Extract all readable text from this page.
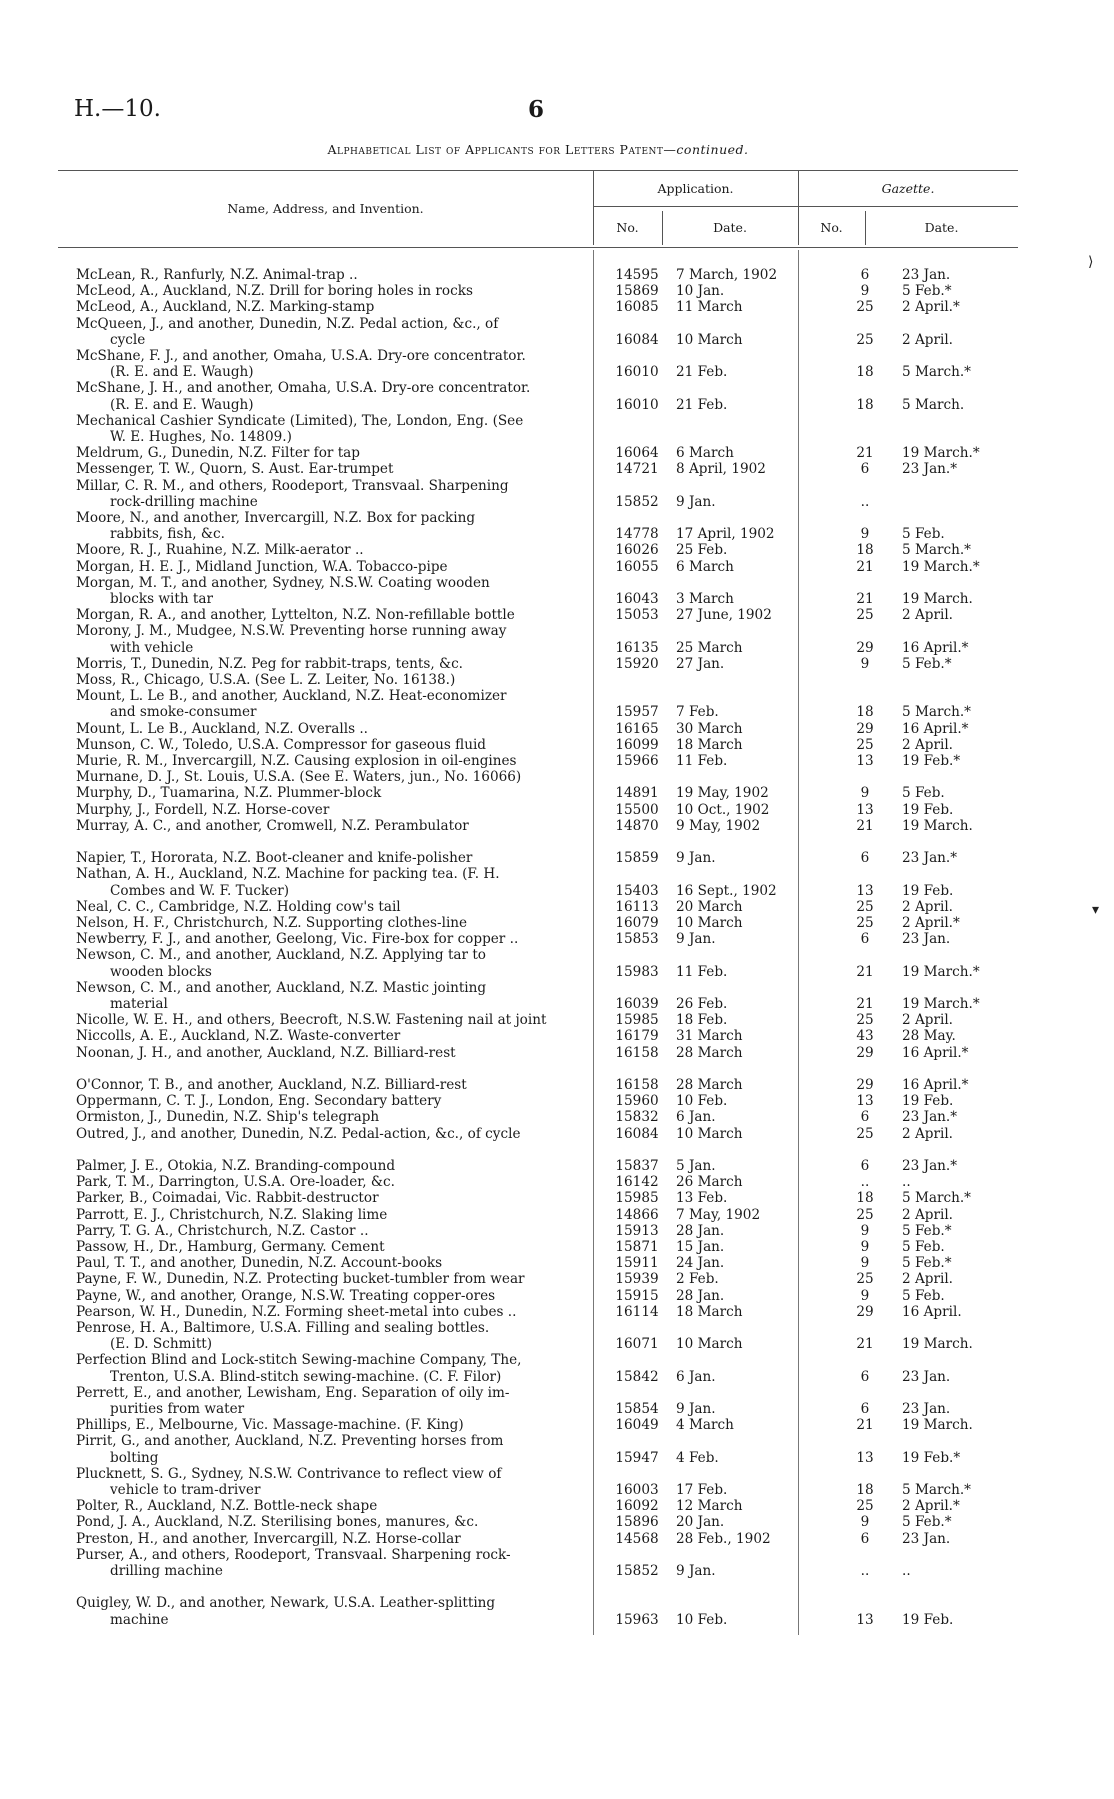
H.—10.	6
Alphabetical List of Applicants for Letters Patent—continued.
Name, Address, and Invention.
Application.	Gazette.
No.	Date.	No.	Date.
McLean, R., Ranfurly, N.Z. Animal-trap ..	14595	7 March, 1902	6	23 Jan.
McLeod, A., Auckland, N.Z. Drill for boring holes in rocks	15869	10 Jan.	9	5 Feb.*
McLeod, A., Auckland, N.Z. Marking-stamp	16085	11 March	25	2 April.*
McQueen, J., and another, Dunedin, N.Z. Pedal action, &c., of
cycle	16084	10 March	25	2 April.
McShane, F. J., and another, Omaha, U.S.A. Dry-ore concentrator.
(R. E. and E. Waugh)	16010	21 Feb.	18	5 March.*
McShane, J. H., and another, Omaha, U.S.A. Dry-ore concentrator.
(R. E. and E. Waugh)	16010	21 Feb.	18	5 March.
Mechanical Cashier Syndicate (Limited), The, London, Eng. (See
W. E. Hughes, No. 14809.)
Meldrum, G., Dunedin, N.Z. Filter for tap	16064	6 March	21	19 March.*
Messenger, T. W., Quorn, S. Aust. Ear-trumpet	14721	8 April, 1902	6	23 Jan.*
Millar, C. R. M., and others, Roodeport, Transvaal. Sharpening
rock-drilling machine	15852	9 Jan.	..
Moore, N., and another, Invercargill, N.Z. Box for packing
rabbits, fish, &c.	14778	17 April, 1902	9	5 Feb.
Moore, R. J., Ruahine, N.Z. Milk-aerator ..	16026	25 Feb.	18	5 March.*
Morgan, H. E. J., Midland Junction, W.A. Tobacco-pipe	16055	6 March	21	19 March.*
Morgan, M. T., and another, Sydney, N.S.W. Coating wooden
blocks with tar	16043	3 March	21	19 March.
Morgan, R. A., and another, Lyttelton, N.Z. Non-refillable bottle	15053	27 June, 1902	25	2 April.
Morony, J. M., Mudgee, N.S.W. Preventing horse running away
with vehicle	16135	25 March	29	16 April.*
Morris, T., Dunedin, N.Z. Peg for rabbit-traps, tents, &c.	15920	27 Jan.	9	5 Feb.*
Moss, R., Chicago, U.S.A. (See L. Z. Leiter, No. 16138.)
Mount, L. Le B., and another, Auckland, N.Z. Heat-economizer
and smoke-consumer	15957	7 Feb.	18	5 March.*
Mount, L. Le B., Auckland, N.Z. Overalls ..	16165	30 March	29	16 April.*
Munson, C. W., Toledo, U.S.A. Compressor for gaseous fluid	16099	18 March	25	2 April.
Murie, R. M., Invercargill, N.Z. Causing explosion in oil-engines	15966	11 Feb.	13	19 Feb.*
Murnane, D. J., St. Louis, U.S.A. (See E. Waters, jun., No. 16066)
Murphy, D., Tuamarina, N.Z. Plummer-block	14891	19 May, 1902	9	5 Feb.
Murphy, J., Fordell, N.Z. Horse-cover	15500	10 Oct., 1902	13	19 Feb.
Murray, A. C., and another, Cromwell, N.Z. Perambulator	14870	9 May, 1902	21	19 March.
Napier, T., Hororata, N.Z. Boot-cleaner and knife-polisher	15859	9 Jan.	6	23 Jan.*
Nathan, A. H., Auckland, N.Z. Machine for packing tea. (F. H.
Combes and W. F. Tucker)	15403	16 Sept., 1902	13	19 Feb.
Neal, C. C., Cambridge, N.Z. Holding cow's tail	16113	20 March	25	2 April.
Nelson, H. F., Christchurch, N.Z. Supporting clothes-line	16079	10 March	25	2 April.*
Newberry, F. J., and another, Geelong, Vic. Fire-box for copper ..	15853	9 Jan.	6	23 Jan.
Newson, C. M., and another, Auckland, N.Z. Applying tar to
wooden blocks	15983	11 Feb.	21	19 March.*
Newson, C. M., and another, Auckland, N.Z. Mastic jointing
material	16039	26 Feb.	21	19 March.*
Nicolle, W. E. H., and others, Beecroft, N.S.W. Fastening nail at joint	15985	18 Feb.	25	2 April.
Niccolls, A. E., Auckland, N.Z. Waste-converter	16179	31 March	43	28 May.
Noonan, J. H., and another, Auckland, N.Z. Billiard-rest	16158	28 March	29	16 April.*
O'Connor, T. B., and another, Auckland, N.Z. Billiard-rest	16158	28 March	29	16 April.*
Oppermann, C. T. J., London, Eng. Secondary battery	15960	10 Feb.	13	19 Feb.
Ormiston, J., Dunedin, N.Z. Ship's telegraph	15832	6 Jan.	6	23 Jan.*
Outred, J., and another, Dunedin, N.Z. Pedal-action, &c., of cycle	16084	10 March	25	2 April.
Palmer, J. E., Otokia, N.Z. Branding-compound	15837	5 Jan.	6	23 Jan.*
Park, T. M., Darrington, U.S.A. Ore-loader, &c.	16142	26 March	..	..
Parker, B., Coimadai, Vic. Rabbit-destructor	15985	13 Feb.	18	5 March.*
Parrott, E. J., Christchurch, N.Z. Slaking lime	14866	7 May, 1902	25	2 April.
Parry, T. G. A., Christchurch, N.Z. Castor ..	15913	28 Jan.	9	5 Feb.*
Passow, H., Dr., Hamburg, Germany. Cement	15871	15 Jan.	9	5 Feb.
Paul, T. T., and another, Dunedin, N.Z. Account-books	15911	24 Jan.	9	5 Feb.*
Payne, F. W., Dunedin, N.Z. Protecting bucket-tumbler from wear	15939	2 Feb.	25	2 April.
Payne, W., and another, Orange, N.S.W. Treating copper-ores	15915	28 Jan.	9	5 Feb.
Pearson, W. H., Dunedin, N.Z. Forming sheet-metal into cubes ..	16114	18 March	29	16 April.
Penrose, H. A., Baltimore, U.S.A. Filling and sealing bottles.
(E. D. Schmitt)	16071	10 March	21	19 March.
Perfection Blind and Lock-stitch Sewing-machine Company, The,
Trenton, U.S.A. Blind-stitch sewing-machine. (C. F. Filor)	15842	6 Jan.	6	23 Jan.
Perrett, E., and another, Lewisham, Eng. Separation of oily im-
purities from water	15854	9 Jan.	6	23 Jan.
Phillips, E., Melbourne, Vic. Massage-machine. (F. King)	16049	4 March	21	19 March.
Pirrit, G., and another, Auckland, N.Z. Preventing horses from
bolting	15947	4 Feb.	13	19 Feb.*
Plucknett, S. G., Sydney, N.S.W. Contrivance to reflect view of
vehicle to tram-driver	16003	17 Feb.	18	5 March.*
Polter, R., Auckland, N.Z. Bottle-neck shape	16092	12 March	25	2 April.*
Pond, J. A., Auckland, N.Z. Sterilising bones, manures, &c.	15896	20 Jan.	9	5 Feb.*
Preston, H., and another, Invercargill, N.Z. Horse-collar	14568	28 Feb., 1902	6	23 Jan.
Purser, A., and others, Roodeport, Transvaal. Sharpening rock-
drilling machine	15852	9 Jan.	..	..
Quigley, W. D., and another, Newark, U.S.A. Leather-splitting
machine	15963	10 Feb.	13	19 Feb.
⟩
▾
